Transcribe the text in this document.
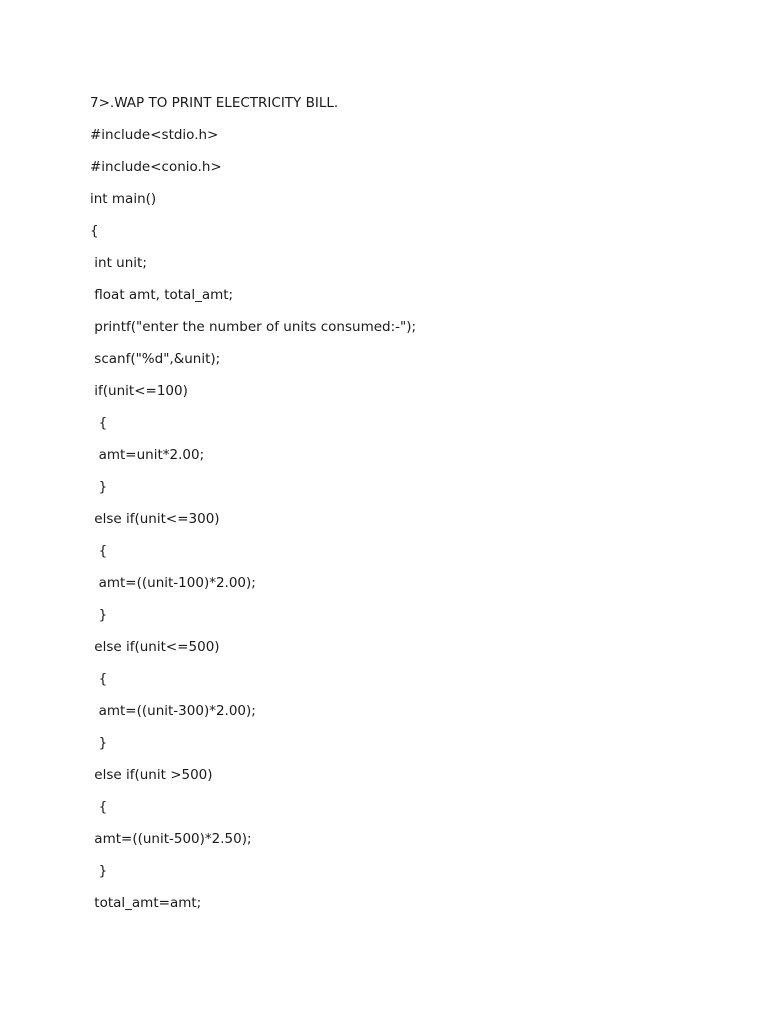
7>.WAP TO PRINT ELECTRICITY BILL.
#include<stdio.h>
#include<conio.h>
int main()
{
int unit;
float amt, total_amt;
printf("enter the number of units consumed:-");
scanf("%d",&unit);
if(unit<=100)
{
amt=unit*2.00;
}
else if(unit<=300)
{
amt=((unit-100)*2.00);
}
else if(unit<=500)
{
amt=((unit-300)*2.00);
}
else if(unit >500)
{
amt=((unit-500)*2.50);
}
total_amt=amt;
